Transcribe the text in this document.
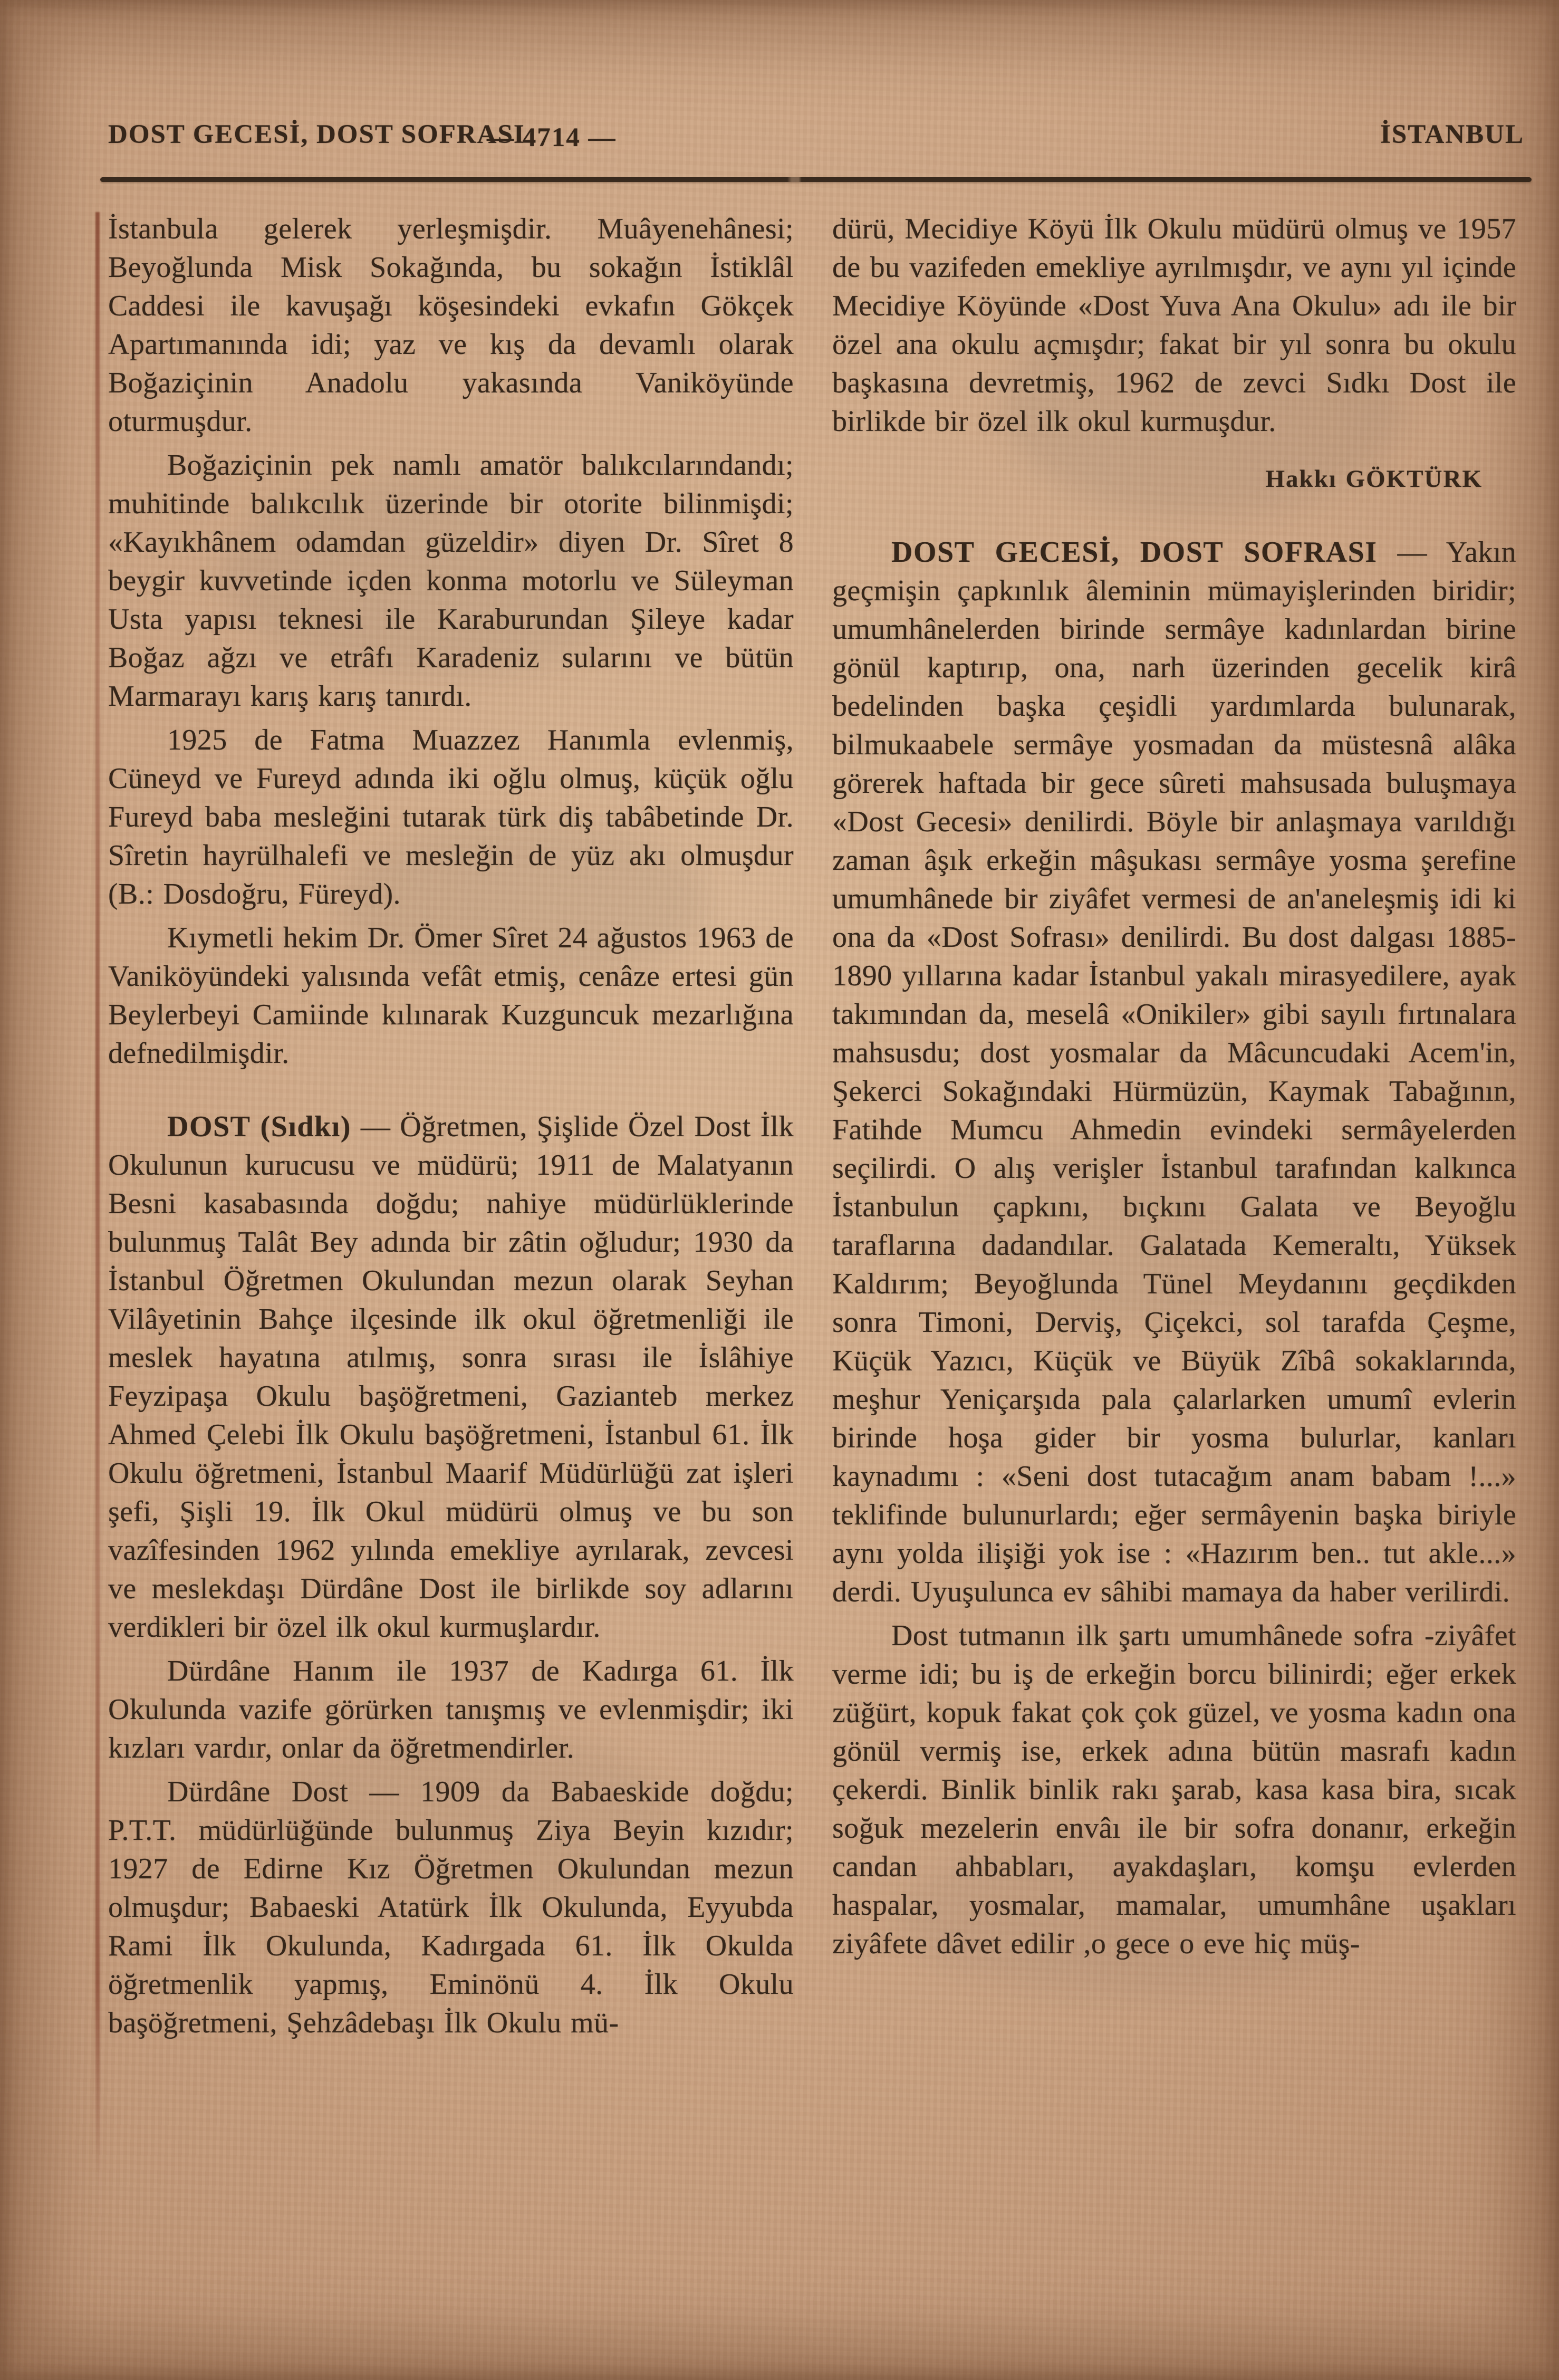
DOST GECESİ, DOST SOFRASI
— 4714 —	İSTANBUL

İstanbula gelerek yerleşmişdir. Muâyenehânesi; Beyoğlunda Misk Sokağında, bu sokağın İstiklâl Caddesi ile kavuşağı köşesindeki evkafın Gökçek Apartımanında idi; yaz ve kış da devamlı olarak Boğaziçinin Anadolu yakasında Vaniköyünde oturmuşdur.

Boğaziçinin pek namlı amatör balıkcılarındandı; muhitinde balıkcılık üzerinde bir otorite bilinmişdi; «Kayıkhânem odamdan güzeldir» diyen Dr. Sîret 8 beygir kuvvetinde içden konma motorlu ve Süleyman Usta yapısı teknesi ile Karaburundan Şileye kadar Boğaz ağzı ve etrâfı Karadeniz sularını ve bütün Marmarayı karış karış tanırdı.

1925 de Fatma Muazzez Hanımla evlenmiş, Cüneyd ve Fureyd adında iki oğlu olmuş, küçük oğlu Fureyd baba mesleğini tutarak türk diş tabâbetinde Dr. Sîretin hayrülhalefi ve mesleğin de yüz akı olmuşdur (B.: Dosdoğru, Füreyd).

Kıymetli hekim Dr. Ömer Sîret 24 ağustos 1963 de Vaniköyündeki yalısında vefât etmiş, cenâze ertesi gün Beylerbeyi Camiinde kılınarak Kuzguncuk mezarlığına defnedilmişdir.

DOST (Sıdkı) — Öğretmen, Şişlide Özel Dost İlk Okulunun kurucusu ve müdürü; 1911 de Malatyanın Besni kasabasında doğdu; nahiye müdürlüklerinde bulunmuş Talât Bey adında bir zâtin oğludur; 1930 da İstanbul Öğretmen Okulundan mezun olarak Seyhan Vilâyetinin Bahçe ilçesinde ilk okul öğretmenliği ile meslek hayatına atılmış, sonra sırası ile İslâhiye Feyzipaşa Okulu başöğretmeni, Gazianteb merkez Ahmed Çelebi İlk Okulu başöğretmeni, İstanbul 61. İlk Okulu öğretmeni, İstanbul Maarif Müdürlüğü zat işleri şefi, Şişli 19. İlk Okul müdürü olmuş ve bu son vazîfesinden 1962 yılında emekliye ayrılarak, zevcesi ve meslekdaşı Dürdâne Dost ile birlikde soy adlarını verdikleri bir özel ilk okul kurmuşlardır.

Dürdâne Hanım ile 1937 de Kadırga 61. İlk Okulunda vazife görürken tanışmış ve evlenmişdir; iki kızları vardır, onlar da öğretmendirler.

Dürdâne Dost — 1909 da Babaeskide doğdu; P.T.T. müdürlüğünde bulunmuş Ziya Beyin kızıdır; 1927 de Edirne Kız Öğretmen Okulundan mezun olmuşdur; Babaeski Atatürk İlk Okulunda, Eyyubda Rami İlk Okulunda, Kadırgada 61. İlk Okulda öğretmenlik yapmış, Eminönü 4. İlk Okulu başöğretmeni, Şehzâdebaşı İlk Okulu mü-

dürü, Mecidiye Köyü İlk Okulu müdürü olmuş ve 1957 de bu vazifeden emekliye ayrılmışdır, ve aynı yıl içinde Mecidiye Köyünde «Dost Yuva Ana Okulu» adı ile bir özel ana okulu açmışdır; fakat bir yıl sonra bu okulu başkasına devretmiş, 1962 de zevci Sıdkı Dost ile birlikde bir özel ilk okul kurmuşdur.

Hakkı GÖKTÜRK

DOST GECESİ, DOST SOFRASI — Yakın geçmişin çapkınlık âleminin mümayişlerinden biridir; umumhânelerden birinde sermâye kadınlardan birine gönül kaptırıp, ona, narh üzerinden gecelik kirâ bedelinden başka çeşidli yardımlarda bulunarak, bilmukaabele sermâye yosmadan da müstesnâ alâka görerek haftada bir gece sûreti mahsusada buluşmaya «Dost Gecesi» denilirdi. Böyle bir anlaşmaya varıldığı zaman âşık erkeğin mâşukası sermâye yosma şerefine umumhânede bir ziyâfet vermesi de an'aneleşmiş idi ki ona da «Dost Sofrası» denilirdi. Bu dost dalgası 1885-1890 yıllarına kadar İstanbul yakalı mirasyedilere, ayak takımından da, meselâ «Onikiler» gibi sayılı fırtınalara mahsusdu; dost yosmalar da Mâcuncudaki Acem'in, Şekerci Sokağındaki Hürmüzün, Kaymak Tabağının, Fatihde Mumcu Ahmedin evindeki sermâyelerden seçilirdi. O alış verişler İstanbul tarafından kalkınca İstanbulun çapkını, bıçkını Galata ve Beyoğlu taraflarına dadandılar. Galatada Kemeraltı, Yüksek Kaldırım; Beyoğlunda Tünel Meydanını geçdikden sonra Timoni, Derviş, Çiçekci, sol tarafda Çeşme, Küçük Yazıcı, Küçük ve Büyük Zîbâ sokaklarında, meşhur Yeniçarşıda pala çalarlarken umumî evlerin birinde hoşa gider bir yosma bulurlar, kanları kaynadımı : «Seni dost tutacağım anam babam !...» teklifinde bulunurlardı; eğer sermâyenin başka biriyle aynı yolda ilişiği yok ise : «Hazırım ben.. tut akle...» derdi. Uyuşulunca ev sâhibi mamaya da haber verilirdi.

Dost tutmanın ilk şartı umumhânede sofra -ziyâfet verme idi; bu iş de erkeğin borcu bilinirdi; eğer erkek züğürt, kopuk fakat çok çok güzel, ve yosma kadın ona gönül vermiş ise, erkek adına bütün masrafı kadın çekerdi. Binlik binlik rakı şarab, kasa kasa bira, sıcak soğuk mezelerin envâı ile bir sofra donanır, erkeğin candan ahbabları, ayakdaşları, komşu evlerden haspalar, yosmalar, mamalar, umumhâne uşakları ziyâfete dâvet edilir ,o gece o eve hiç müş-
